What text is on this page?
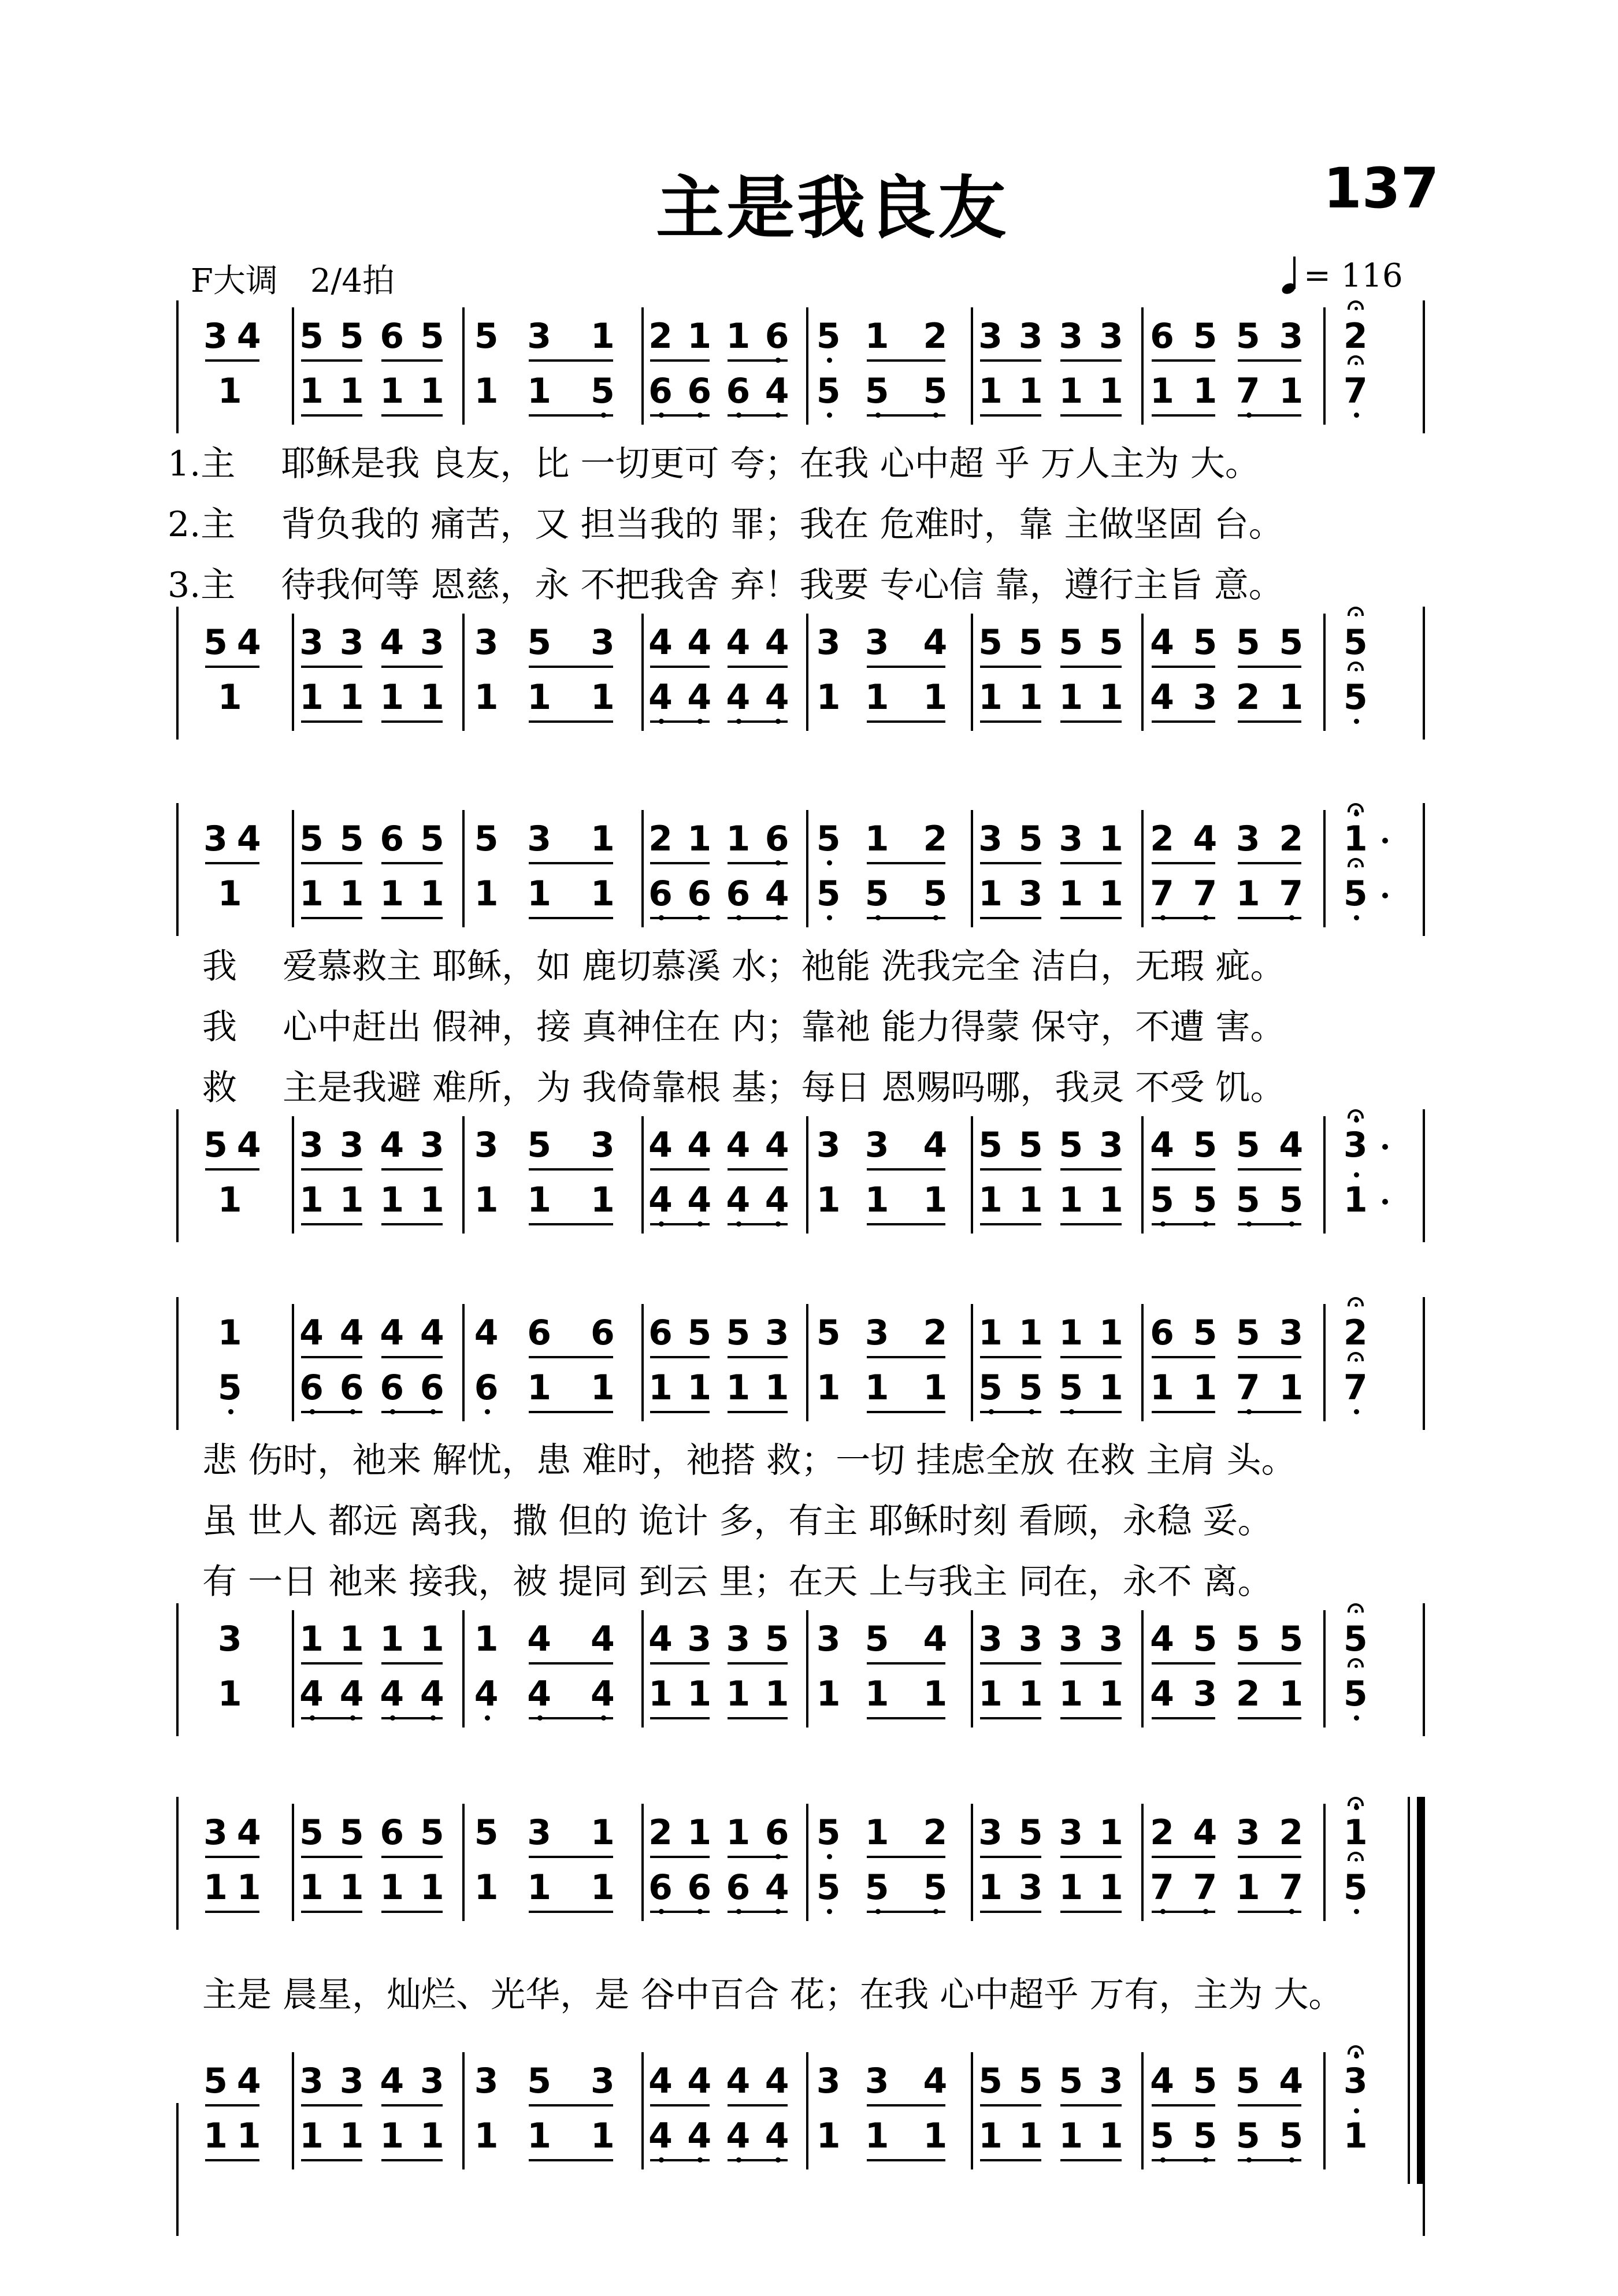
主是我良友	137
F大调　2/4拍	= 116
3 4 5 5 6 5 5 3 1 2 1 1 6 5 1 2 3 3 3 3 6 5 5 3 2
1 1 1 1 1 1 1 5 6 6 6 4 5 5 5 1 1 1 1 1 1 7 1 7
1.主　 耶稣是我 良友，比 一切更可 夸；在我 心中超 乎 万人主为 大。
2.主　 背负我的 痛苦，又 担当我的 罪；我在 危难时，靠 主做坚固 台。
3.主　 待我何等 恩慈，永 不把我舍 弃！我要 专心信 靠，遵行主旨 意。
5 4 3 3 4 3 3 5 3 4 4 4 4 3 3 4 5 5 5 5 4 5 5 5 5
1 1 1 1 1 1 1 1 4 4 4 4 1 1 1 1 1 1 1 4 3 2 1 5
3 4 5 5 6 5 5 3 1 2 1 1 6 5 1 2 3 5 3 1 2 4 3 2 1
1 1 1 1 1 1 1 1 6 6 6 4 5 5 5 1 3 1 1 7 7 1 7 5
　我　 爱慕救主 耶稣，如 鹿切慕溪 水；祂能 洗我完全 洁白，无瑕 疵。
　我　 心中赶出 假神，接 真神住在 内；靠祂 能力得蒙 保守，不遭 害。
　救　 主是我避 难所，为 我倚靠根 基；每日 恩赐吗哪，我灵 不受 饥。
5 4 3 3 4 3 3 5 3 4 4 4 4 3 3 4 5 5 5 3 4 5 5 4 3
1 1 1 1 1 1 1 1 4 4 4 4 1 1 1 1 1 1 1 5 5 5 5 1
1 4 4 4 4 4 6 6 6 5 5 3 5 3 2 1 1 1 1 6 5 5 3 2
5 6 6 6 6 6 1 1 1 1 1 1 1 1 1 5 5 5 1 1 1 7 1 7
　悲 伤时，祂来 解忧，患 难时，祂搭 救；一切 挂虑全放 在救 主肩 头。
　虽 世人 都远 离我，撒 但的 诡计 多，有主 耶稣时刻 看顾，永稳 妥。
　有 一日 祂来 接我，被 提同 到云 里；在天 上与我主 同在，永不 离。
3 1 1 1 1 1 4 4 4 3 3 5 3 5 4 3 3 3 3 4 5 5 5 5
1 4 4 4 4 4 4 4 1 1 1 1 1 1 1 1 1 1 1 4 3 2 1 5
3 4 5 5 6 5 5 3 1 2 1 1 6 5 1 2 3 5 3 1 2 4 3 2 1
1 1 1 1 1 1 1 1 1 6 6 6 4 5 5 5 1 3 1 1 7 7 1 7 5
　主是 晨星，灿烂、光华，是 谷中百合 花；在我 心中超乎 万有，主为 大。
5 4 3 3 4 3 3 5 3 4 4 4 4 3 3 4 5 5 5 3 4 5 5 4 3
1 1 1 1 1 1 1 1 1 4 4 4 4 1 1 1 1 1 1 1 5 5 5 5 1
